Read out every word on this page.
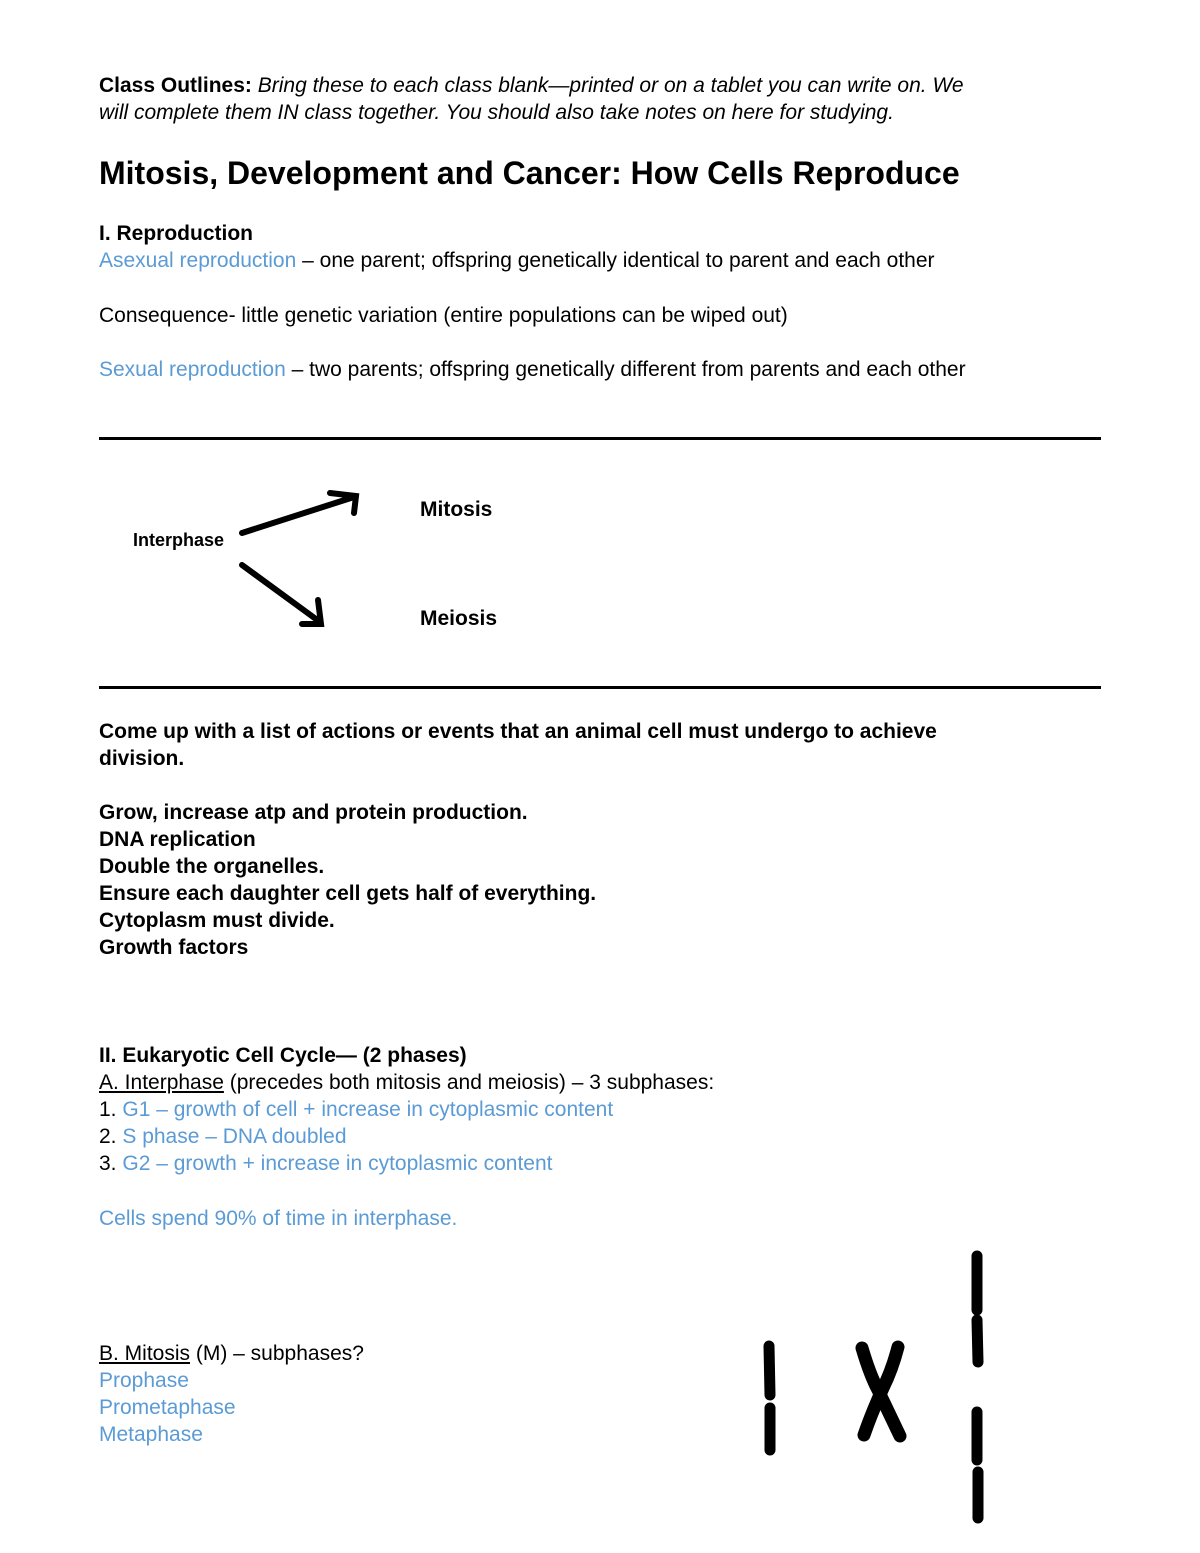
Class Outlines: Bring these to each class blank—printed or on a tablet you can write on. We
will complete them IN class together. You should also take notes on here for studying.
Mitosis, Development and Cancer: How Cells Reproduce
I. Reproduction
Asexual reproduction – one parent; offspring genetically identical to parent and each other
Consequence- little genetic variation (entire populations can be wiped out)
Sexual reproduction – two parents; offspring genetically different from parents and each other
Interphase
Mitosis
Meiosis
Come up with a list of actions or events that an animal cell must undergo to achieve
division.
Grow, increase atp and protein production.
DNA replication
Double the organelles.
Ensure each daughter cell gets half of everything.
Cytoplasm must divide.
Growth factors
II. Eukaryotic Cell Cycle— (2 phases)
A. Interphase (precedes both mitosis and meiosis) – 3 subphases:
1. G1 – growth of cell + increase in cytoplasmic content
2. S phase – DNA doubled
3. G2 – growth + increase in cytoplasmic content
Cells spend 90% of time in interphase.
B. Mitosis (M) – subphases?
Prophase
Prometaphase
Metaphase
